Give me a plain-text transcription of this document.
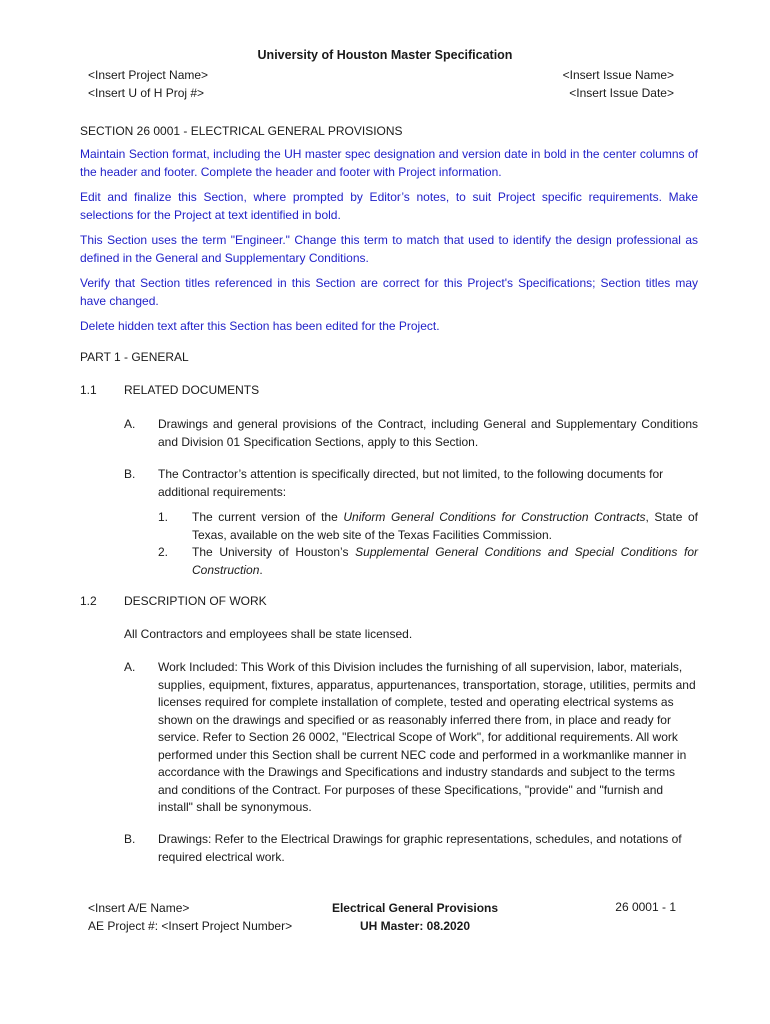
University of Houston Master Specification
<Insert Project Name>
<Insert U of H Proj #>
<Insert Issue Name>
<Insert Issue Date>
SECTION 26 0001 - ELECTRICAL GENERAL PROVISIONS

Maintain Section format, including the UH master spec designation and version date in bold in the center columns of the header and footer. Complete the header and footer with Project information.

Edit and finalize this Section, where prompted by Editor’s notes, to suit Project specific requirements. Make selections for the Project at text identified in bold.

This Section uses the term "Engineer." Change this term to match that used to identify the design professional as defined in the General and Supplementary Conditions.

Verify that Section titles referenced in this Section are correct for this Project's Specifications; Section titles may have changed.

Delete hidden text after this Section has been edited for the Project.

PART 1 - GENERAL
1.1 RELATED DOCUMENTS
A. Drawings and general provisions of the Contract, including General and Supplementary Conditions and Division 01 Specification Sections, apply to this Section.
B. The Contractor’s attention is specifically directed, but not limited, to the following documents for additional requirements:
1. The current version of the Uniform General Conditions for Construction Contracts, State of Texas, available on the web site of the Texas Facilities Commission.
2. The University of Houston’s Supplemental General Conditions and Special Conditions for Construction.
1.2 DESCRIPTION OF WORK
All Contractors and employees shall be state licensed.
A. Work Included: This Work of this Division includes the furnishing of all supervision, labor, materials, supplies, equipment, fixtures, apparatus, appurtenances, transportation, storage, utilities, permits and licenses required for complete installation of complete, tested and operating electrical systems as shown on the drawings and specified or as reasonably inferred there from, in place and ready for service. Refer to Section 26 0002, "Electrical Scope of Work", for additional requirements. All work performed under this Section shall be current NEC code and performed in a workmanlike manner in accordance with the Drawings and Specifications and industry standards and subject to the terms and conditions of the Contract. For purposes of these Specifications, "provide" and "furnish and install" shall be synonymous.
B. Drawings: Refer to the Electrical Drawings for graphic representations, schedules, and notations of required electrical work.
<Insert A/E Name>
AE Project #: <Insert Project Number>
Electrical General Provisions
UH Master: 08.2020
26 0001 - 1
